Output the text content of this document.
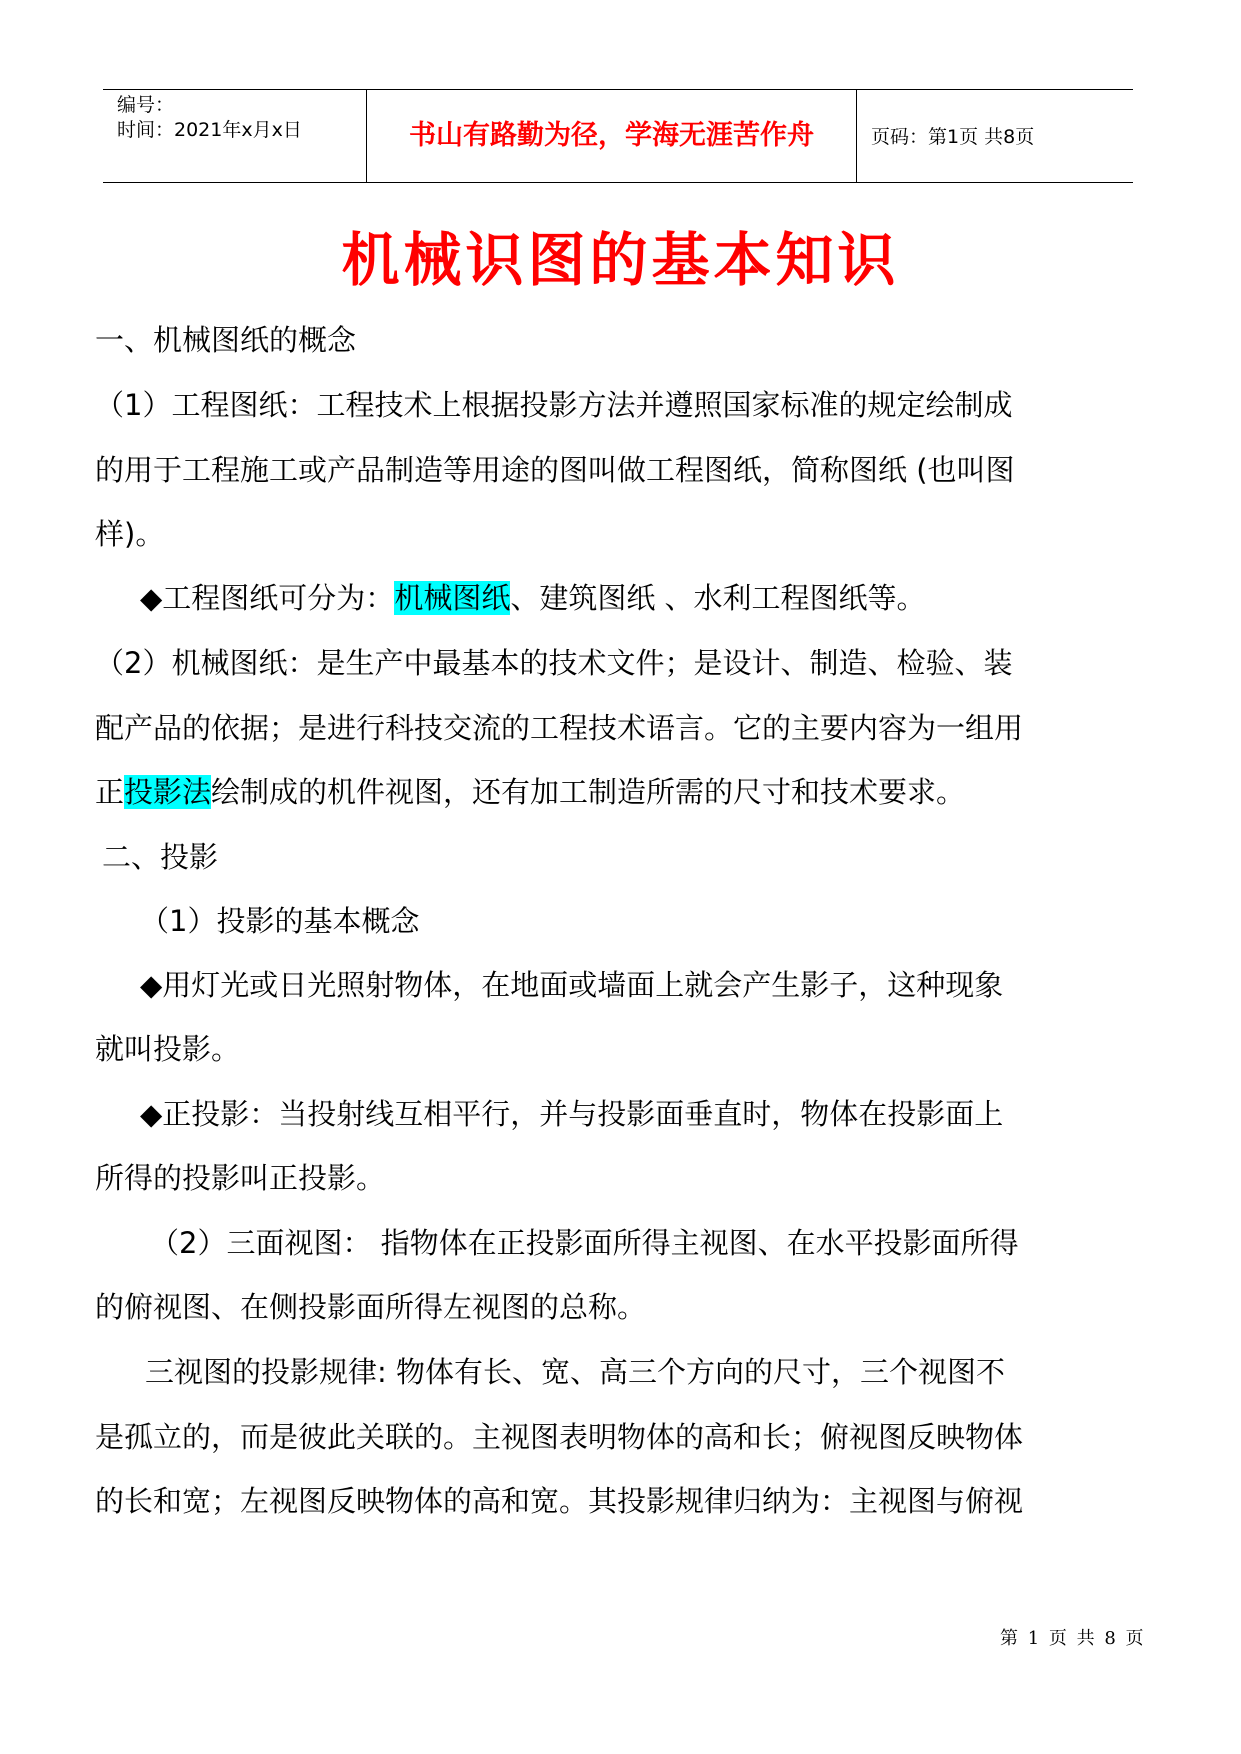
编号：
时间：2021年x月x日	书山有路勤为径，学海无涯苦作舟	页码：第1页 共8页
机械识图的基本知识
一、机械图纸的概念
（1）工程图纸：工程技术上根据投影方法并遵照国家标准的规定绘制成
的用于工程施工或产品制造等用途的图叫做工程图纸，简称图纸 (也叫图
样)。
◆工程图纸可分为：机械图纸、建筑图纸 、水利工程图纸等。
（2）机械图纸：是生产中最基本的技术文件；是设计、制造、检验、装
配产品的依据；是进行科技交流的工程技术语言。它的主要内容为一组用
正投影法绘制成的机件视图，还有加工制造所需的尺寸和技术要求。
二、投影
（1）投影的基本概念
◆用灯光或日光照射物体，在地面或墙面上就会产生影子，这种现象
就叫投影。
◆正投影：当投射线互相平行，并与投影面垂直时，物体在投影面上
所得的投影叫正投影。
（2）三面视图： 指物体在正投影面所得主视图、在水平投影面所得
的俯视图、在侧投影面所得左视图的总称。
三视图的投影规律: 物体有长、宽、高三个方向的尺寸，三个视图不
是孤立的，而是彼此关联的。主视图表明物体的高和长；俯视图反映物体
的长和宽；左视图反映物体的高和宽。其投影规律归纳为：主视图与俯视
第 1 页 共 8 页
